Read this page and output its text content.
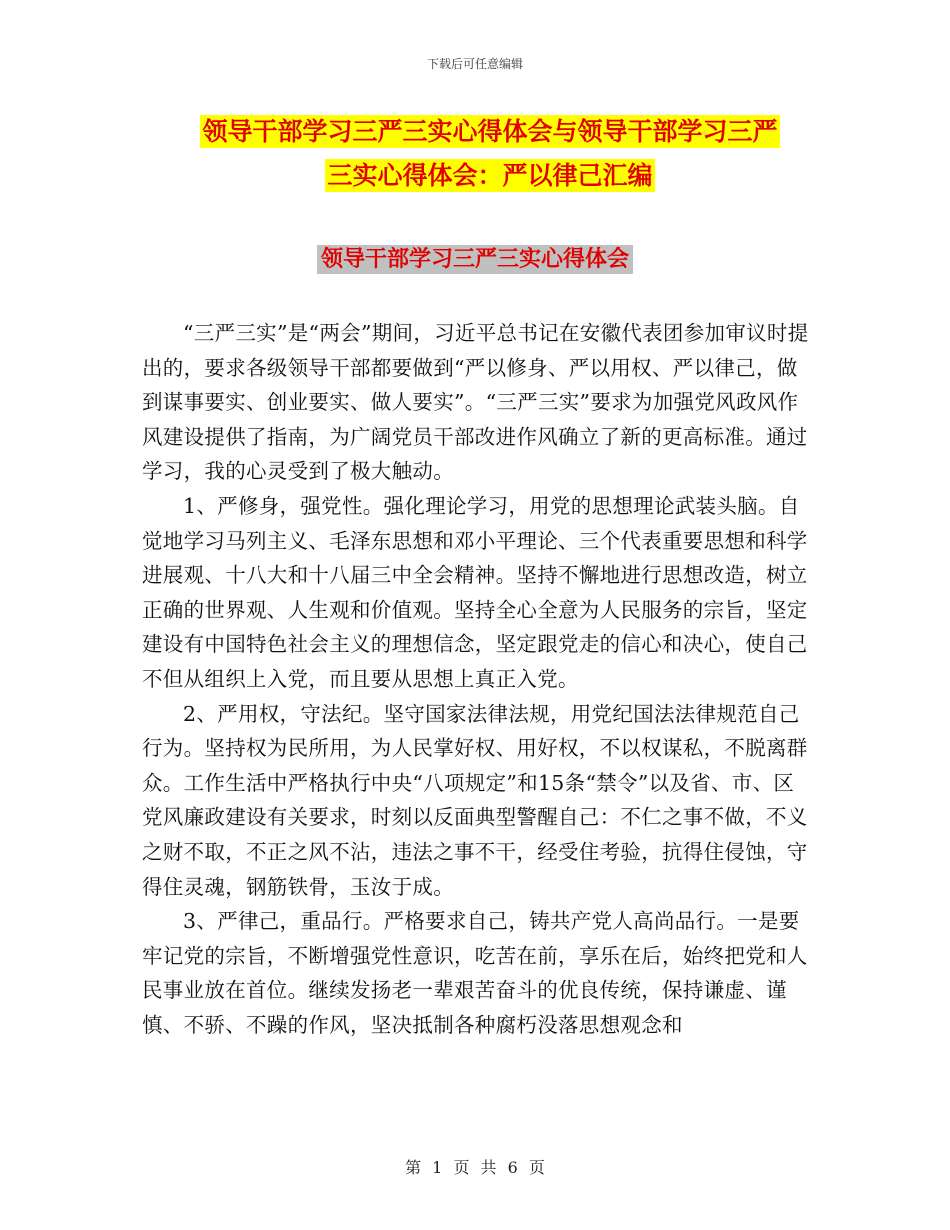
下载后可任意编辑
领导干部学习三严三实心得体会与领导干部学习三严
三实心得体会：严以律己汇编
领导干部学习三严三实心得体会

“三严三实”是“两会”期间，习近平总书记在安徽代表团参加审议时提出的，要求各级领导干部都要做到“严以修身、严以用权、严以律己，做到谋事要实、创业要实、做人要实”。“三严三实”要求为加强党风政风作风建设提供了指南，为广阔党员干部改进作风确立了新的更高标准。通过学习，我的心灵受到了极大触动。

1、严修身，强党性。强化理论学习，用党的思想理论武装头脑。自觉地学习马列主义、毛泽东思想和邓小平理论、三个代表重要思想和科学进展观、十八大和十八届三中全会精神。坚持不懈地进行思想改造，树立正确的世界观、人生观和价值观。坚持全心全意为人民服务的宗旨，坚定建设有中国特色社会主义的理想信念，坚定跟党走的信心和决心，使自己不但从组织上入党，而且要从思想上真正入党。

2、严用权，守法纪。坚守国家法律法规，用党纪国法法律规范自己行为。坚持权为民所用，为人民掌好权、用好权，不以权谋私，不脱离群众。工作生活中严格执行中央“八项规定”和15条“禁令”以及省、市、区党风廉政建设有关要求，时刻以反面典型警醒自己：不仁之事不做，不义之财不取，不正之风不沾，违法之事不干，经受住考验，抗得住侵蚀，守得住灵魂，钢筋铁骨，玉汝于成。

3、严律己，重品行。严格要求自己，铸共产党人高尚品行。一是要牢记党的宗旨，不断增强党性意识，吃苦在前，享乐在后，始终把党和人民事业放在首位。继续发扬老一辈艰苦奋斗的优良传统，保持谦虚、谨慎、不骄、不躁的作风，坚决抵制各种腐朽没落思想观念和

第 1 页 共 6 页
